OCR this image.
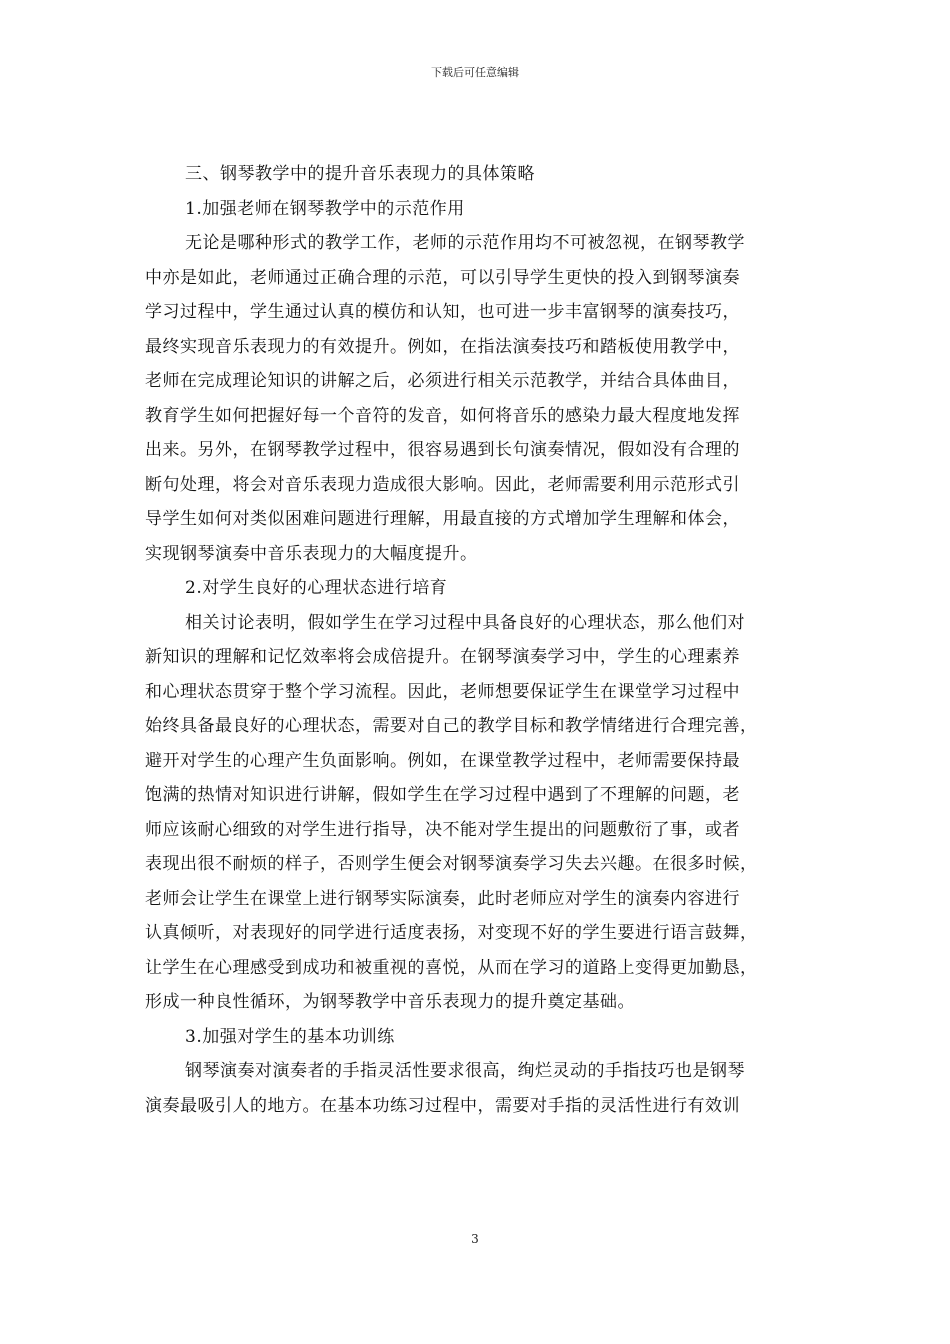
下载后可任意编辑
三、钢琴教学中的提升音乐表现力的具体策略
1.加强老师在钢琴教学中的示范作用
无论是哪种形式的教学工作，老师的示范作用均不可被忽视，在钢琴教学
中亦是如此，老师通过正确合理的示范，可以引导学生更快的投入到钢琴演奏
学习过程中，学生通过认真的模仿和认知，也可进一步丰富钢琴的演奏技巧，
最终实现音乐表现力的有效提升。例如，在指法演奏技巧和踏板使用教学中，
老师在完成理论知识的讲解之后，必须进行相关示范教学，并结合具体曲目，
教育学生如何把握好每一个音符的发音，如何将音乐的感染力最大程度地发挥
出来。另外，在钢琴教学过程中，很容易遇到长句演奏情况，假如没有合理的
断句处理，将会对音乐表现力造成很大影响。因此，老师需要利用示范形式引
导学生如何对类似困难问题进行理解，用最直接的方式增加学生理解和体会，
实现钢琴演奏中音乐表现力的大幅度提升。
2.对学生良好的心理状态进行培育
相关讨论表明，假如学生在学习过程中具备良好的心理状态，那么他们对
新知识的理解和记忆效率将会成倍提升。在钢琴演奏学习中，学生的心理素养
和心理状态贯穿于整个学习流程。因此，老师想要保证学生在课堂学习过程中
始终具备最良好的心理状态，需要对自己的教学目标和教学情绪进行合理完善，
避开对学生的心理产生负面影响。例如，在课堂教学过程中，老师需要保持最
饱满的热情对知识进行讲解，假如学生在学习过程中遇到了不理解的问题，老
师应该耐心细致的对学生进行指导，决不能对学生提出的问题敷衍了事，或者
表现出很不耐烦的样子，否则学生便会对钢琴演奏学习失去兴趣。在很多时候，
老师会让学生在课堂上进行钢琴实际演奏，此时老师应对学生的演奏内容进行
认真倾听，对表现好的同学进行适度表扬，对变现不好的学生要进行语言鼓舞，
让学生在心理感受到成功和被重视的喜悦，从而在学习的道路上变得更加勤恳，
形成一种良性循环，为钢琴教学中音乐表现力的提升奠定基础。
3.加强对学生的基本功训练
钢琴演奏对演奏者的手指灵活性要求很高，绚烂灵动的手指技巧也是钢琴
演奏最吸引人的地方。在基本功练习过程中，需要对手指的灵活性进行有效训
3
